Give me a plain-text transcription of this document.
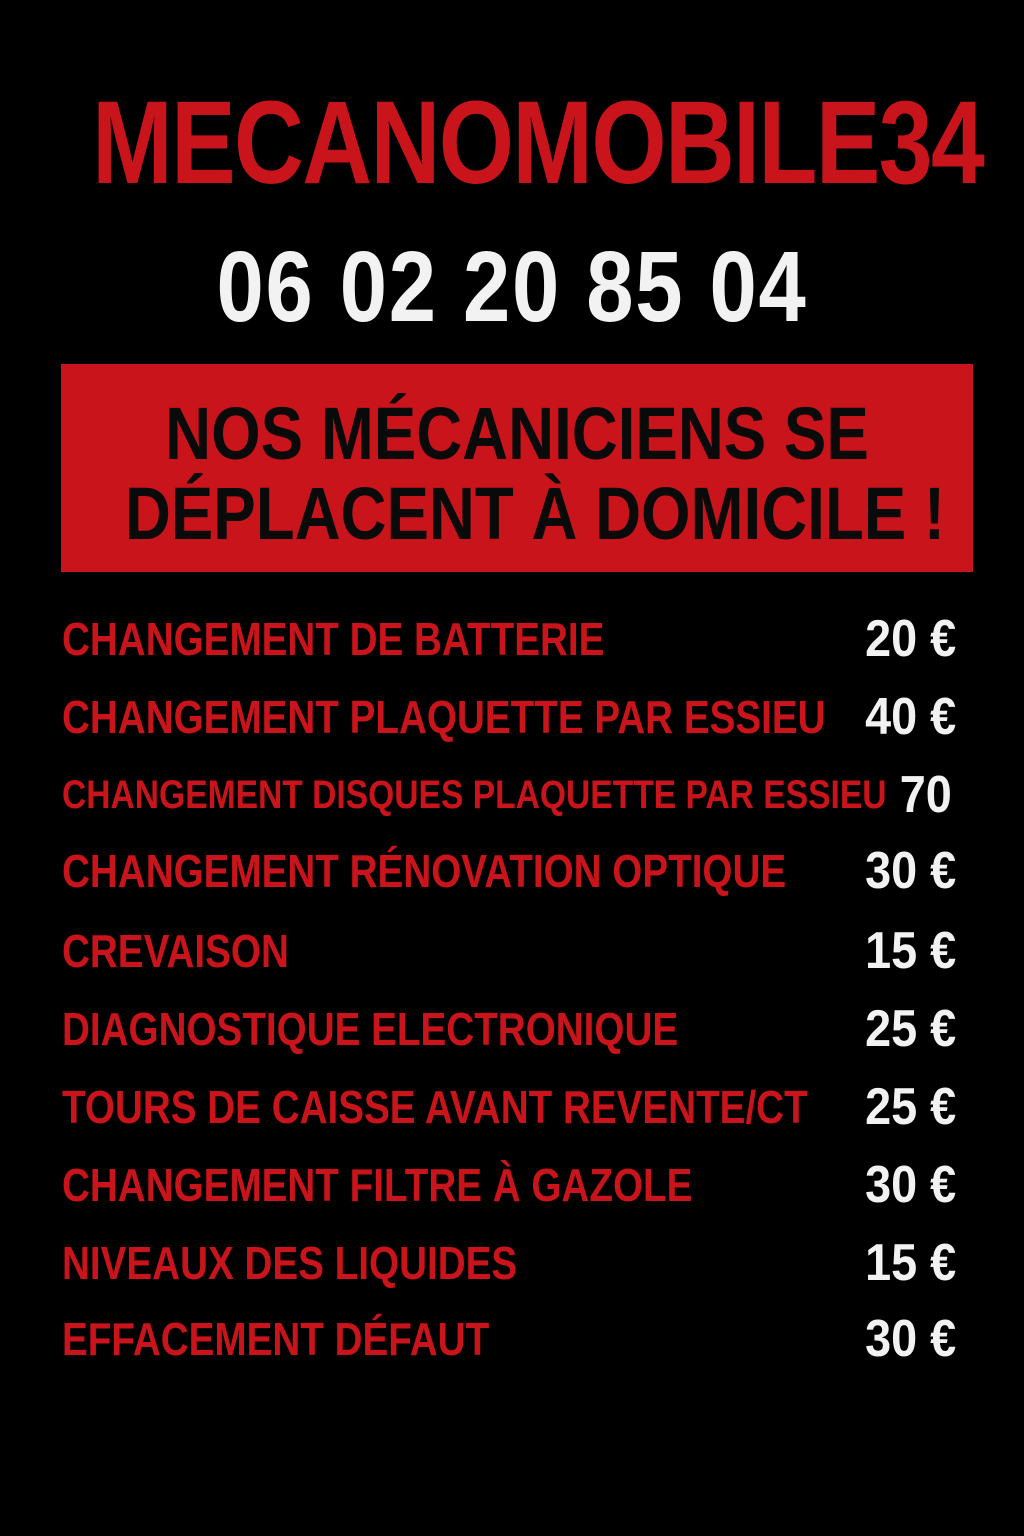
MECANOMOBILE34
06 02 20 85 04
NOS MÉCANICIENS SE
DÉPLACENT À DOMICILE !
CHANGEMENT DE BATTERIE	20 €
CHANGEMENT PLAQUETTE PAR ESSIEU 40 €
CHANGEMENT DISQUES PLAQUETTE PAR ESSIEU 70
CHANGEMENT RÉNOVATION OPTIQUE 30 €
CREVAISON	15 €
DIAGNOSTIQUE ELECTRONIQUE	25 €
TOURS DE CAISSE AVANT REVENTE/CT 25 €
CHANGEMENT FILTRE À GAZOLE	30 €
NIVEAUX DES LIQUIDES	15 €
EFFACEMENT DÉFAUT	30 €
